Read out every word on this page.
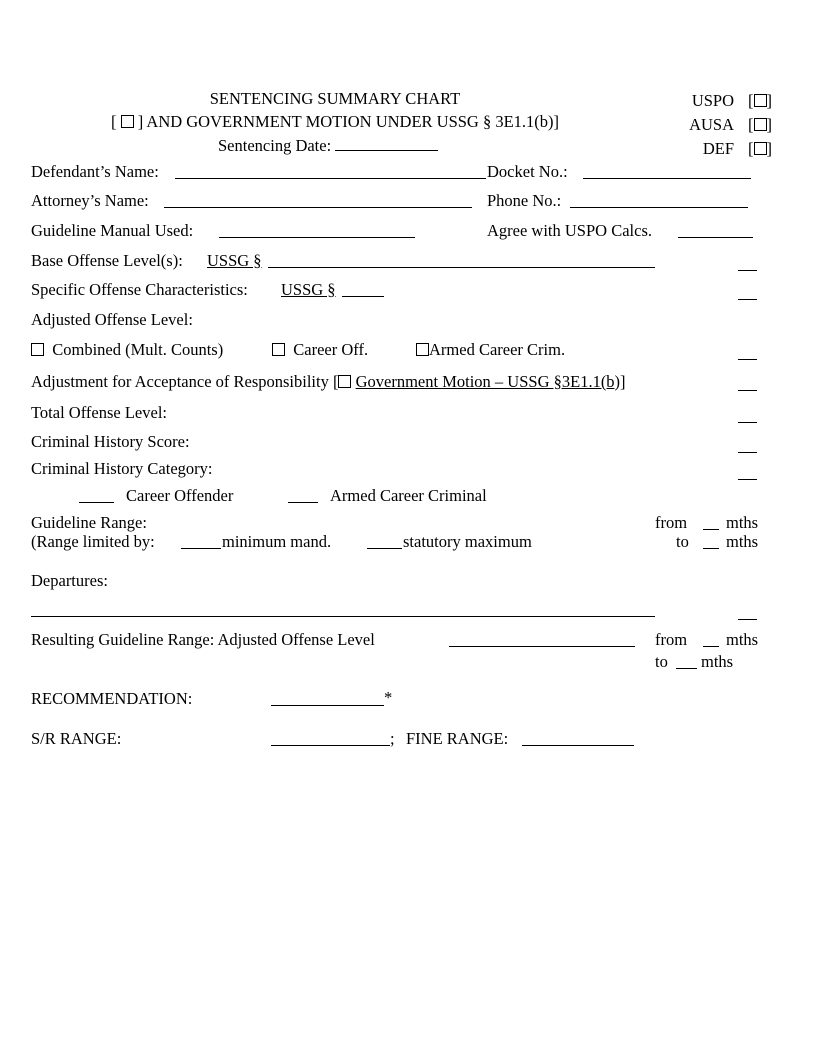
SENTENCING SUMMARY CHART
[  ] AND GOVERNMENT MOTION UNDER USSG § 3E1.1(b)]
Sentencing Date:
USPO [ ]
AUSA [ ]
DEF [ ]
Defendant’s Name:	Docket No.:
Attorney’s Name:	Phone No.:
Guideline Manual Used:	Agree with USPO Calcs.
Base Offense Level(s): USSG §
Specific Offense Characteristics: USSG §
Adjusted Offense Level:
Combined (Mult. Counts)	Career Off.	Armed Career Crim.
Adjustment for Acceptance of Responsibility [ Government Motion – USSG §3E1.1(b)]
Total Offense Level:
Criminal History Score:
Criminal History Category:
Career Offender	Armed Career Criminal
Guideline Range:
(Range limited by:	minimum mand.	statutory maximum
from mths
to mths
Departures:
Resulting Guideline Range: Adjusted Offense Level	from mths
to mths
RECOMMENDATION:	*
S/R RANGE:	; FINE RANGE:
